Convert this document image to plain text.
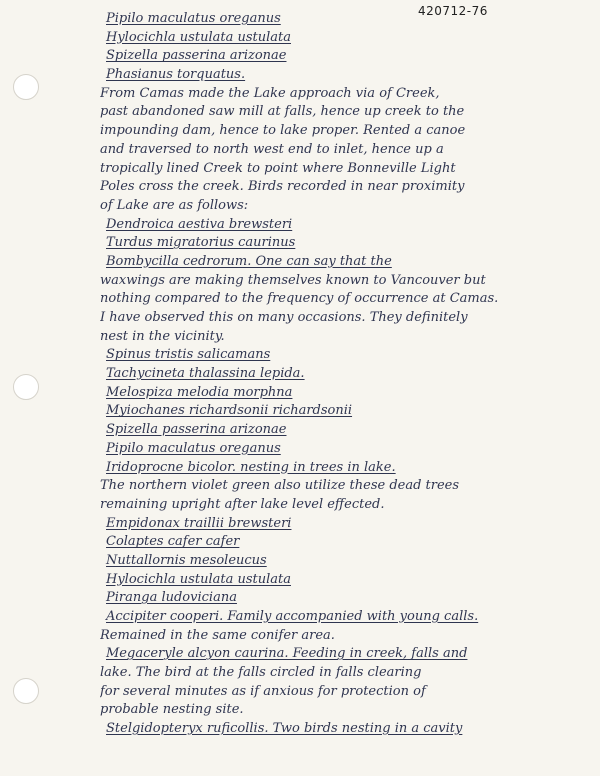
420712-76
Pipilo maculatus oreganus
Hylocichla ustulata ustulata
Spizella passerina arizonae
Phasianus torquatus.
From Camas made the Lake approach via of Creek,
past abandoned saw mill at falls, hence up creek to the
impounding dam, hence to lake proper. Rented a canoe
and traversed to north west end to inlet, hence up a
tropically lined Creek to point where Bonneville Light
Poles cross the creek. Birds recorded in near proximity
of Lake are as follows:
Dendroica aestiva brewsteri
Turdus migratorius caurinus
Bombycilla cedrorum. One can say that the
waxwings are making themselves known to Vancouver but
nothing compared to the frequency of occurrence at Camas.
I have observed this on many occasions. They definitely
nest in the vicinity.
Spinus tristis salicamans
Tachycineta thalassina lepida.
Melospiza melodia morphna
Myiochanes richardsonii richardsonii
Spizella passerina arizonae
Pipilo maculatus oreganus
Iridoprocne bicolor. nesting in trees in lake.
The northern violet green also utilize these dead trees
remaining upright after lake level effected.
Empidonax traillii brewsteri
Colaptes cafer cafer
Nuttallornis mesoleucus
Hylocichla ustulata ustulata
Piranga ludoviciana
Accipiter cooperi. Family accompanied with young calls.
Remained in the same conifer area.
Megaceryle alcyon caurina. Feeding in creek, falls and
lake. The bird at the falls circled in falls clearing
for several minutes as if anxious for protection of
probable nesting site.
Stelgidopteryx ruficollis. Two birds nesting in a cavity
